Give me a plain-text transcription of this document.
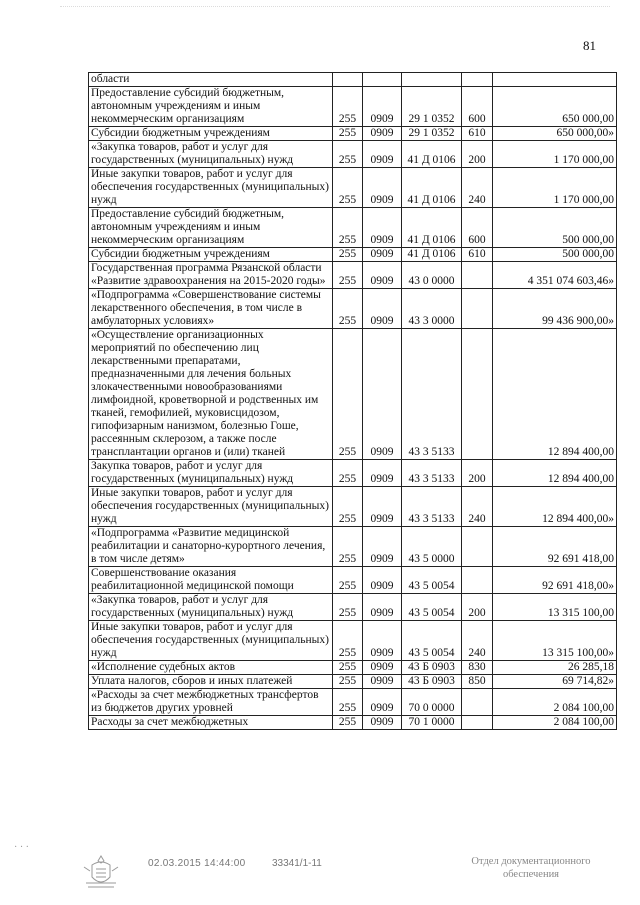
81
области					
Предоставление субсидий бюджетным, автономным учреждениям и иным некоммерческим организациям	255	0909	29 1 0352	600	650 000,00
Субсидии бюджетным учреждениям	255	0909	29 1 0352	610	650 000,00»
«Закупка товаров, работ и услуг для государственных (муниципальных) нужд	255	0909	41 Д 0106	200	1 170 000,00
Иные закупки товаров, работ и услуг для обеспечения государственных (муниципальных) нужд	255	0909	41 Д 0106	240	1 170 000,00
Предоставление субсидий бюджетным, автономным учреждениям и иным некоммерческим организациям	255	0909	41 Д 0106	600	500 000,00
Субсидии бюджетным учреждениям	255	0909	41 Д 0106	610	500 000,00
Государственная программа Рязанской области «Развитие здравоохранения на 2015-2020 годы»	255	0909	43 0 0000		4 351 074 603,46»
«Подпрограмма «Совершенствование системы лекарственного обеспечения, в том числе в амбулаторных условиях»	255	0909	43 3 0000		99 436 900,00»
«Осуществление организационных мероприятий по обеспечению лиц лекарственными препаратами, предназначенными для лечения больных злокачественными новообразованиями лимфоидной, кроветворной и родственных им тканей, гемофилией, муковисцидозом, гипофизарным нанизмом, болезнью Гоше, рассеянным склерозом, а также после трансплантации органов и (или) тканей	255	0909	43 3 5133		12 894 400,00
Закупка товаров, работ и услуг для государственных (муниципальных) нужд	255	0909	43 3 5133	200	12 894 400,00
Иные закупки товаров, работ и услуг для обеспечения государственных (муниципальных) нужд	255	0909	43 3 5133	240	12 894 400,00»
«Подпрограмма «Развитие медицинской реабилитации и санаторно-курортного лечения, в том числе детям»	255	0909	43 5 0000		92 691 418,00
Совершенствование оказания реабилитационной медицинской помощи	255	0909	43 5 0054		92 691 418,00»
«Закупка товаров, работ и услуг для государственных (муниципальных) нужд	255	0909	43 5 0054	200	13 315 100,00
Иные закупки товаров, работ и услуг для обеспечения государственных (муниципальных) нужд	255	0909	43 5 0054	240	13 315 100,00»
«Исполнение судебных актов	255	0909	43 Б 0903	830	26 285,18
Уплата налогов, сборов и иных платежей	255	0909	43 Б 0903	850	69 714,82»
«Расходы за счет межбюджетных трансфертов из бюджетов других уровней	255	0909	70 0 0000		2 084 100,00
Расходы за счет межбюджетных	255	0909	70 1 0000		2 084 100,00
· · ·
02.03.2015 14:44:00	33341/1-11	Отдел документационного обеспечения
